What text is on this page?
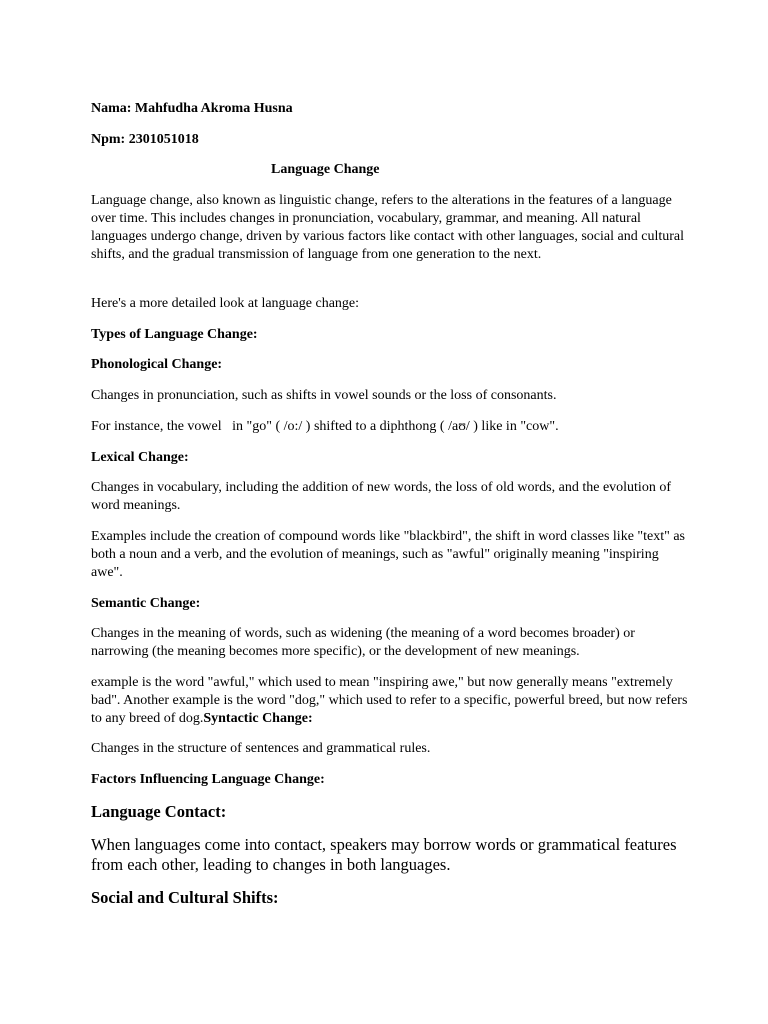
Nama: Mahfudha Akroma Husna

Npm: 2301051018

Language Change

Language change, also known as linguistic change, refers to the alterations in the features of a language over time. This includes changes in pronunciation, vocabulary, grammar, and meaning. All natural languages undergo change, driven by various factors like contact with other languages, social and cultural shifts, and the gradual transmission of language from one generation to the next.

Here's a more detailed look at language change:

Types of Language Change:

Phonological Change:

Changes in pronunciation, such as shifts in vowel sounds or the loss of consonants.

For instance, the vowel   in "go" ( /o:/ ) shifted to a diphthong ( /aʊ/ ) like in "cow".

Lexical Change:

Changes in vocabulary, including the addition of new words, the loss of old words, and the evolution of word meanings.

Examples include the creation of compound words like "blackbird", the shift in word classes like "text" as both a noun and a verb, and the evolution of meanings, such as "awful" originally meaning "inspiring awe".

Semantic Change:

Changes in the meaning of words, such as widening (the meaning of a word becomes broader) or narrowing (the meaning becomes more specific), or the development of new meanings.

example is the word "awful," which used to mean "inspiring awe," but now generally means "extremely bad". Another example is the word "dog," which used to refer to a specific, powerful breed, but now refers to any breed of dog.Syntactic Change:

Changes in the structure of sentences and grammatical rules.

Factors Influencing Language Change:

Language Contact:

When languages come into contact, speakers may borrow words or grammatical features from each other, leading to changes in both languages.

Social and Cultural Shifts:
